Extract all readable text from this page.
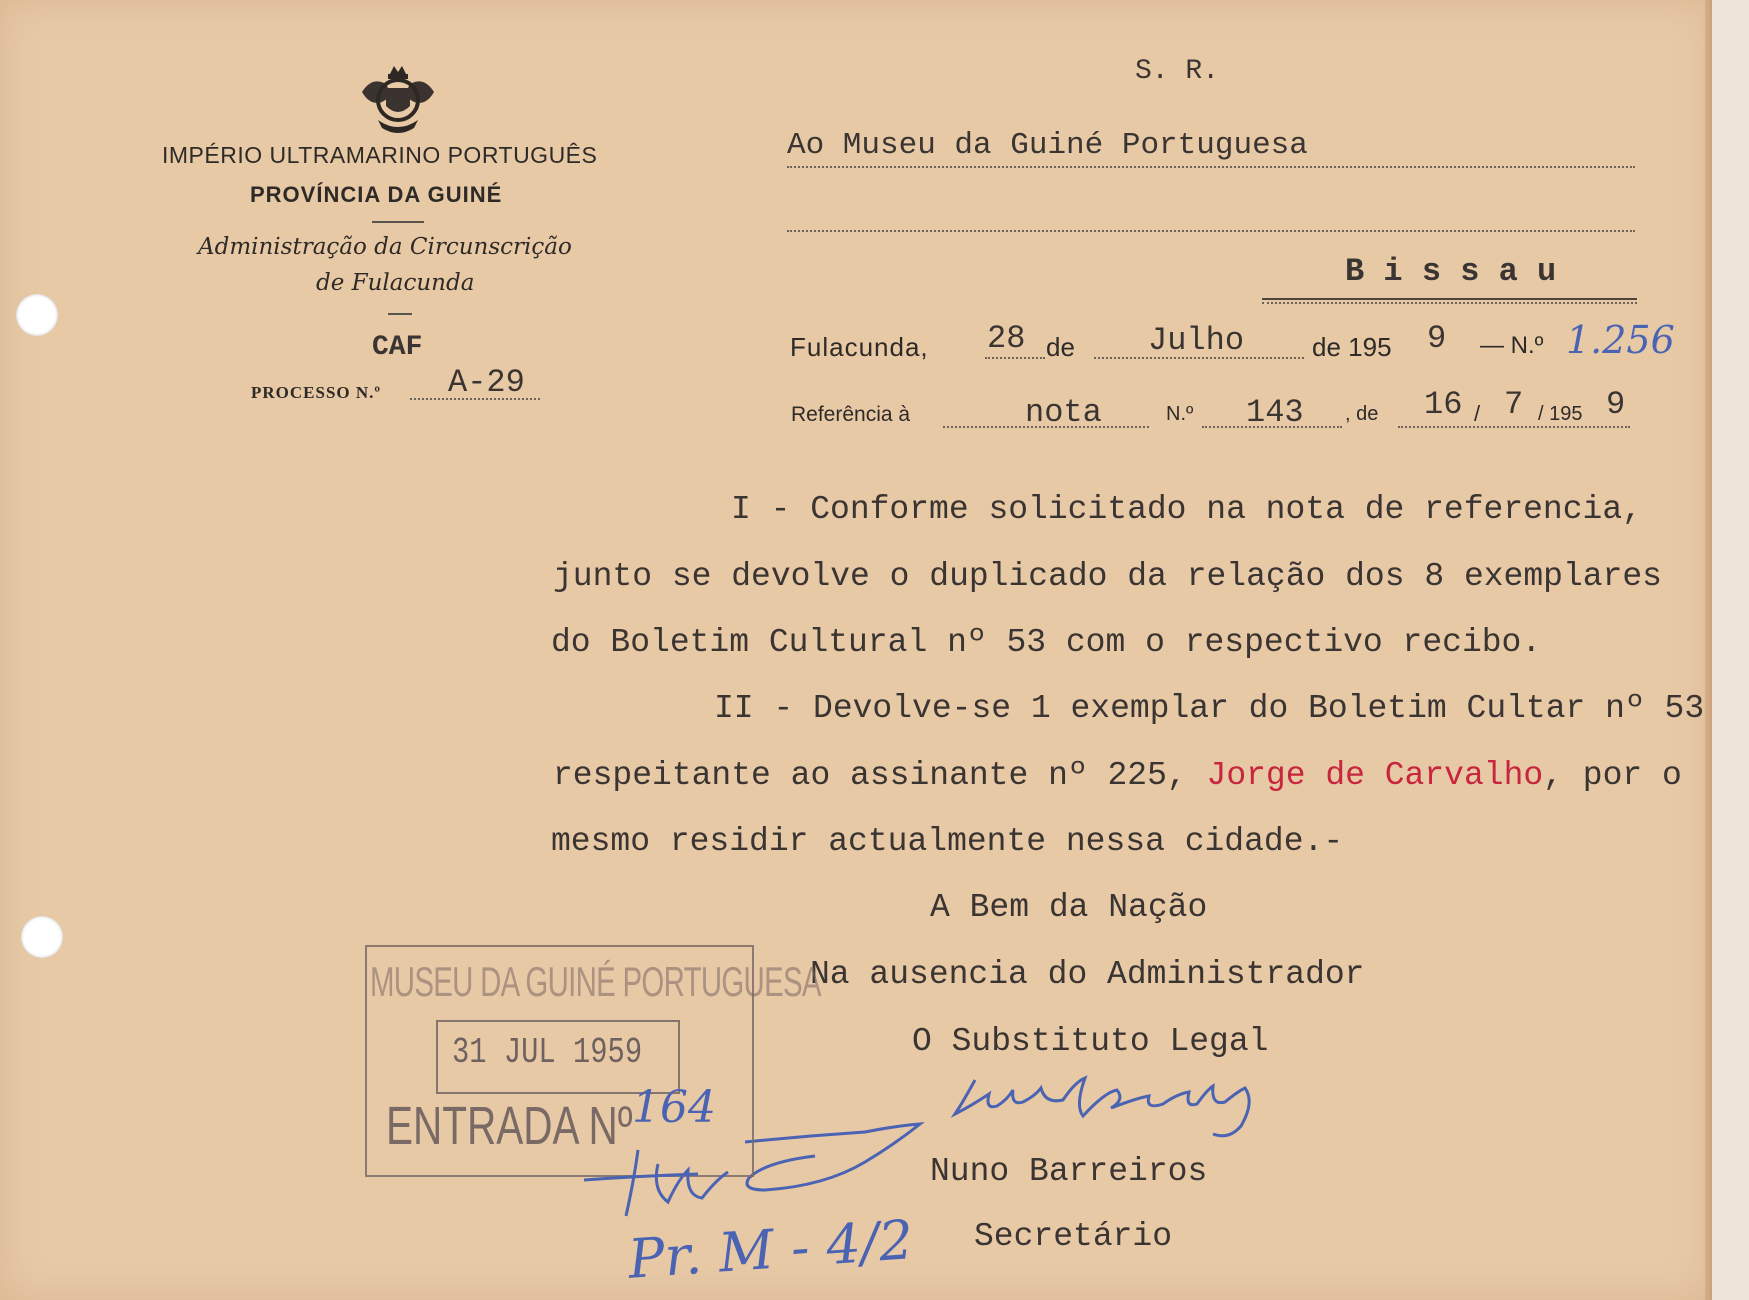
IMPÉRIO ULTRAMARINO PORTUGUÊS
PROVÍNCIA DA GUINÉ
Administração da Circunscrição
de Fulacunda
CAF
PROCESSO N.º A-29
S. R.
Ao Museu da Guiné Portuguesa
B i s s a u
Fulacunda, 28 de Julho	de 195 9 — N.º 1.256
Referência à	nota	N.º 143 , de 16 / 7 / 195 9
I - Conforme solicitado na nota de referencia,
junto se devolve o duplicado da relação dos 8 exemplares
do Boletim Cultural nº 53 com o respectivo recibo.
II - Devolve-se 1 exemplar do Boletim Cultar nº 53
respeitante ao assinante nº 225, Jorge de Carvalho, por o
mesmo residir actualmente nessa cidade.-
A Bem da Nação
Na ausencia do Administrador
O Substituto Legal
Nuno Barreiros
Secretário
MUSEU DA GUINÉ PORTUGUESA
31 JUL 1959
ENTRADA Nº 164
Pr. M - 4/2
